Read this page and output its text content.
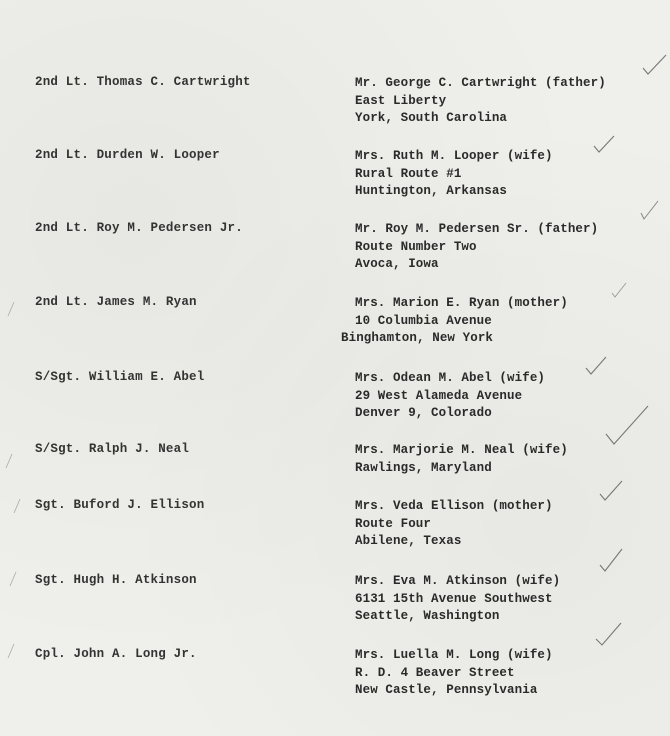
2nd Lt. Thomas C. Cartwright	Mr. George C. Cartwright (father)
East Liberty
York, South Carolina
2nd Lt. Durden W. Looper	Mrs. Ruth M. Looper (wife)
Rural Route #1
Huntington, Arkansas
2nd Lt. Roy M. Pedersen Jr.	Mr. Roy M. Pedersen Sr. (father)
Route Number Two
Avoca, Iowa
2nd Lt. James M. Ryan	Mrs. Marion E. Ryan (mother)
10 Columbia Avenue
Binghamton, New York
S/Sgt. William E. Abel	Mrs. Odean M. Abel (wife)
29 West Alameda Avenue
Denver 9, Colorado
S/Sgt. Ralph J. Neal	Mrs. Marjorie M. Neal (wife)
Rawlings, Maryland
Sgt. Buford J. Ellison	Mrs. Veda Ellison (mother)
Route Four
Abilene, Texas
Sgt. Hugh H. Atkinson	Mrs. Eva M. Atkinson (wife)
6131 15th Avenue Southwest
Seattle, Washington
Cpl. John A. Long Jr.	Mrs. Luella M. Long (wife)
R. D. 4 Beaver Street
New Castle, Pennsylvania
